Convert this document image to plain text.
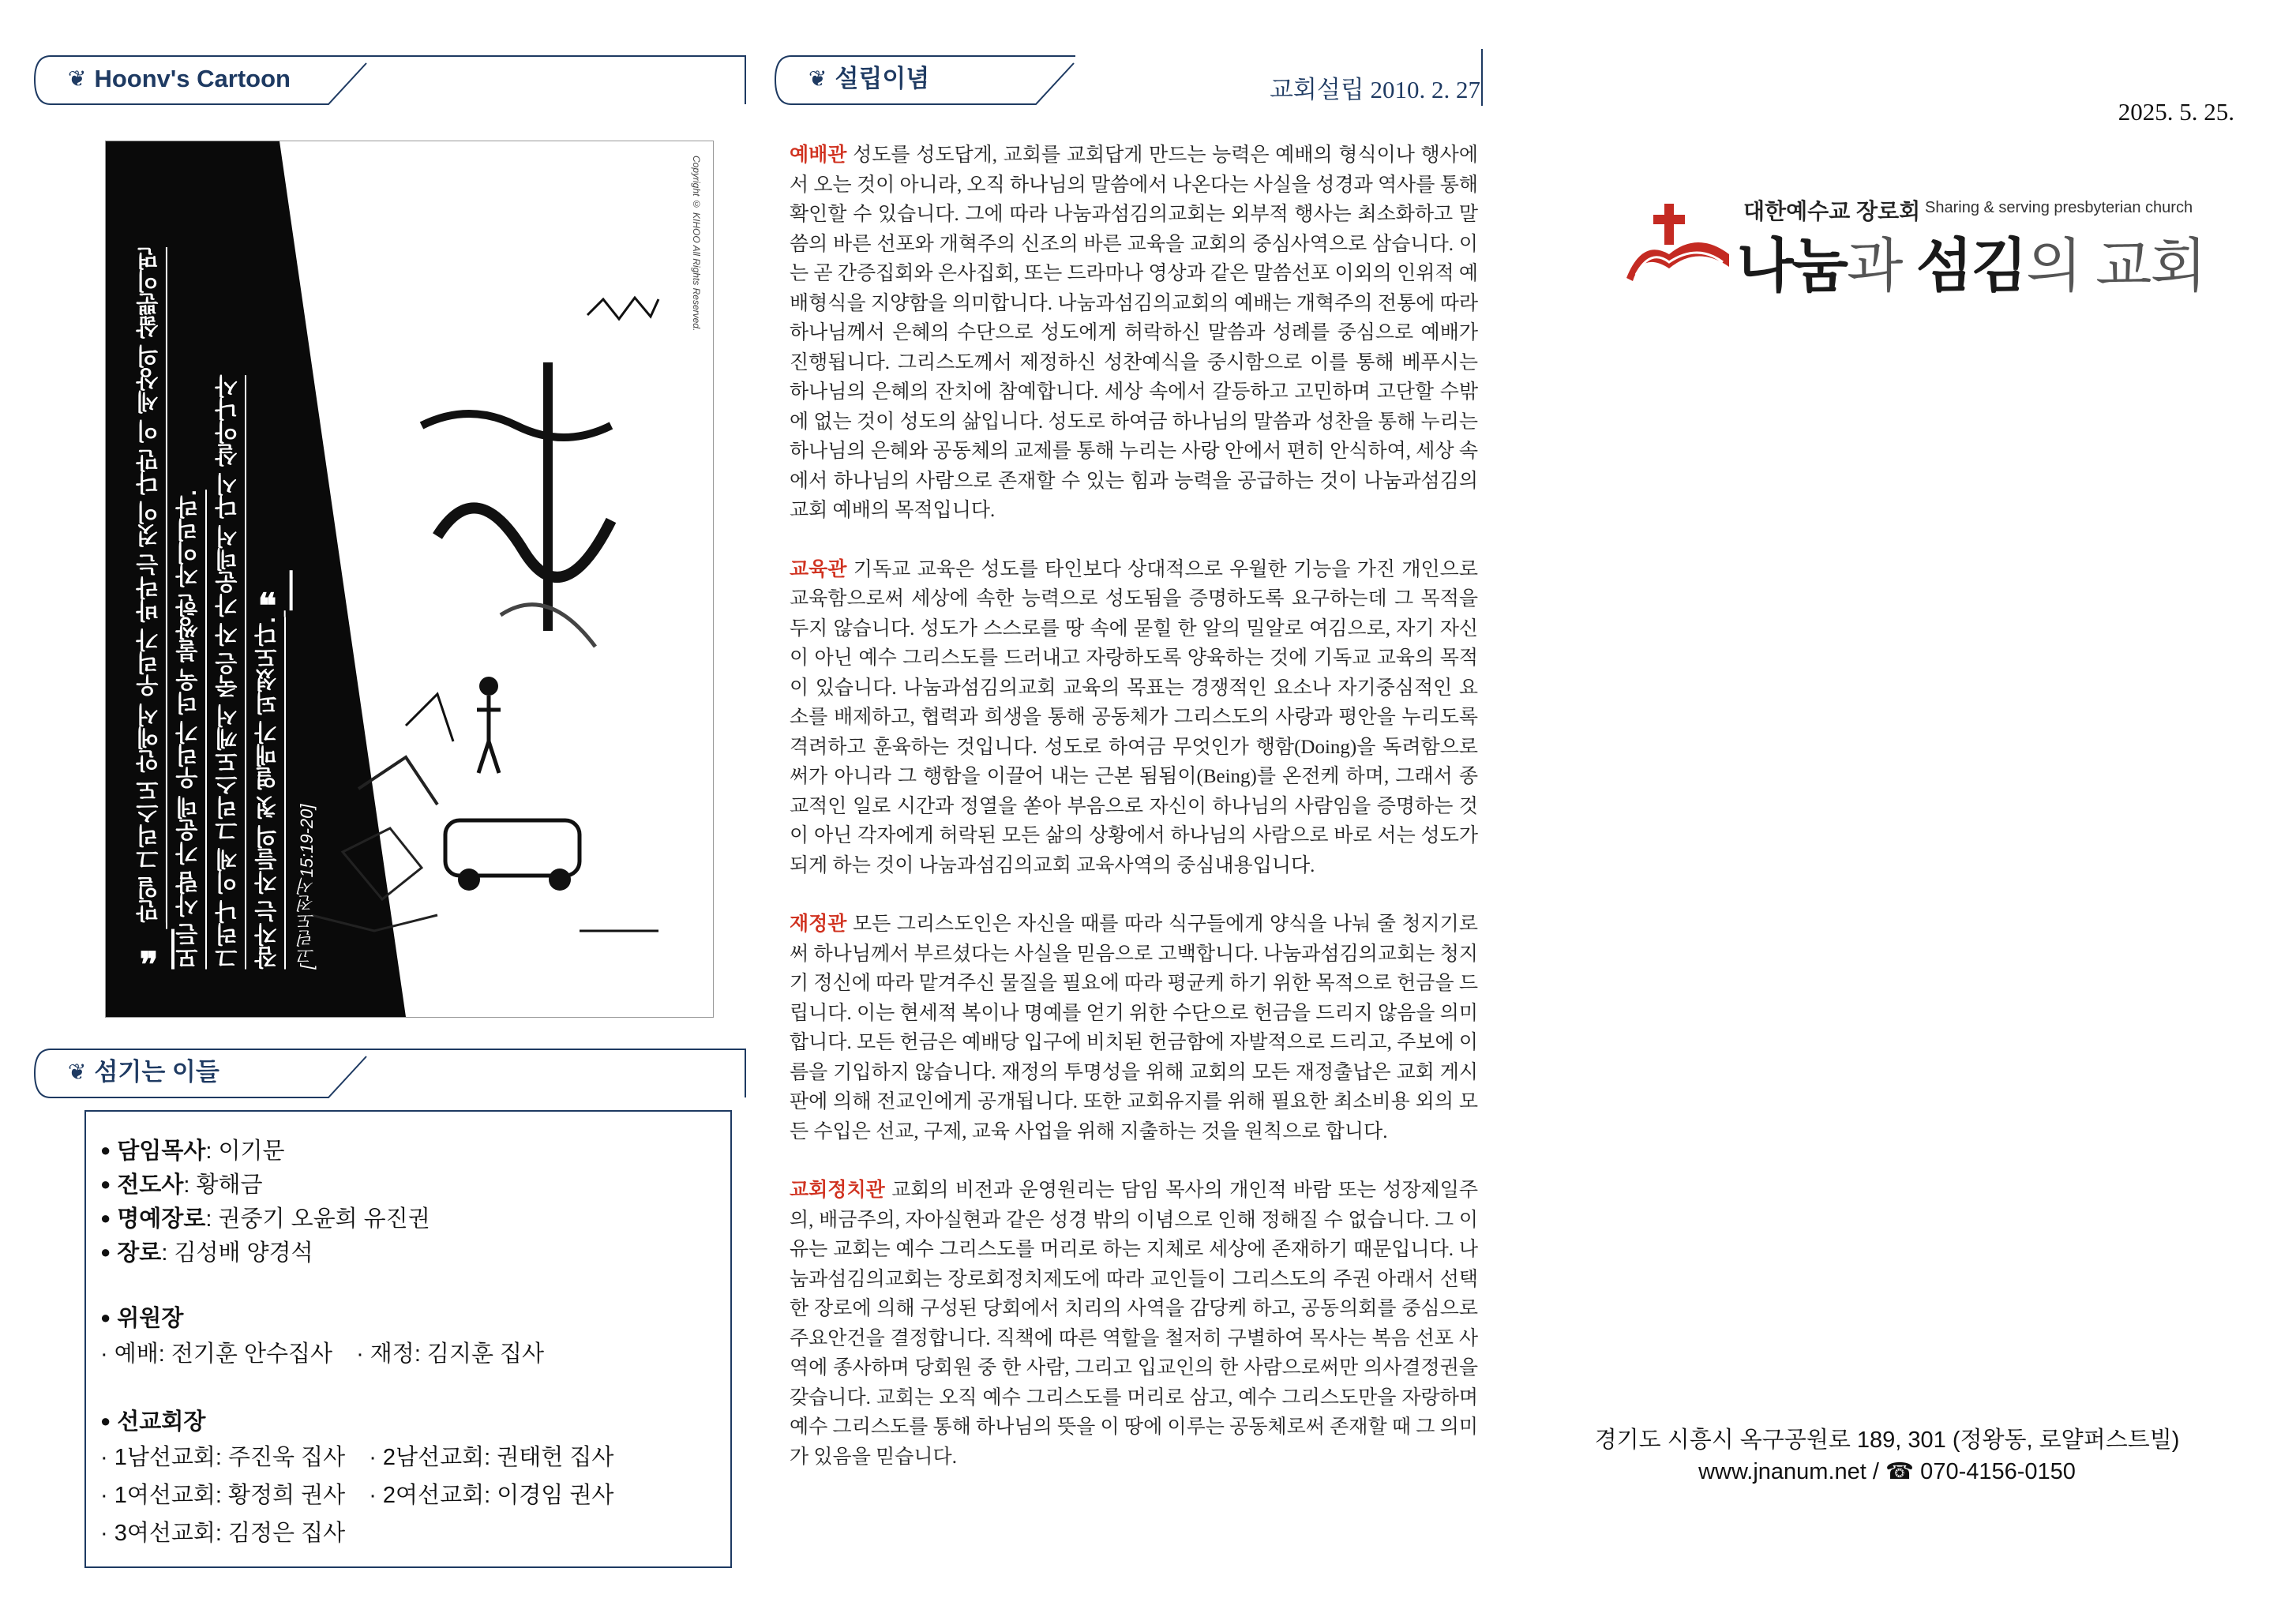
❦ Hoonv's Cartoon
❝ 만일 그리스도 안에서 우리가 바라는 것이 다만 이 세상의 삶뿐이면 모든 사람 가운데 우리가 더욱 불쌍한 자이리라. 그러나 이제 그리스도께서 죽은 자 가운데서 다시 살아나사 잠자는 자들의 첫 열매가 되셨도다. ❞
[고린도전서15:19-20]
Copyright © KIHOO All Rights Reserved.
❦ 섬기는 이들
● 담임목사: 이기문
● 전도사: 황해금
● 명예장로: 권중기 오윤희 유진권
● 장로: 김성배 양경석
● 위원장
· 예배: 전기훈 안수집사 · 재정: 김지훈 집사
● 선교회장
· 1남선교회: 주진욱 집사 · 2남선교회: 권태헌 집사
· 1여선교회: 황정희 권사 · 2여선교회: 이경임 권사
· 3여선교회: 김정은 집사
❦ 설립이념	교회설립 2010. 2. 27

예배관 성도를 성도답게, 교회를 교회답게 만드는 능력은 예배의 형식이나 행사에서 오는 것이 아니라, 오직 하나님의 말씀에서 나온다는 사실을 성경과 역사를 통해 확인할 수 있습니다. 그에 따라 나눔과섬김의교회는 외부적 행사는 최소화하고 말씀의 바른 선포와 개혁주의 신조의 바른 교육을 교회의 중심사역으로 삼습니다. 이는 곧 간증집회와 은사집회, 또는 드라마나 영상과 같은 말씀선포 이외의 인위적 예배형식을 지양함을 의미합니다. 나눔과섬김의교회의 예배는 개혁주의 전통에 따라 하나님께서 은혜의 수단으로 성도에게 허락하신 말씀과 성례를 중심으로 예배가 진행됩니다. 그리스도께서 제정하신 성찬예식을 중시함으로 이를 통해 베푸시는 하나님의 은혜의 잔치에 참예합니다. 세상 속에서 갈등하고 고민하며 고단할 수밖에 없는 것이 성도의 삶입니다. 성도로 하여금 하나님의 말씀과 성찬을 통해 누리는 하나님의 은혜와 공동체의 교제를 통해 누리는 사랑 안에서 편히 안식하여, 세상 속에서 하나님의 사람으로 존재할 수 있는 힘과 능력을 공급하는 것이 나눔과섬김의교회 예배의 목적입니다.

교육관 기독교 교육은 성도를 타인보다 상대적으로 우월한 기능을 가진 개인으로 교육함으로써 세상에 속한 능력으로 성도됨을 증명하도록 요구하는데 그 목적을 두지 않습니다. 성도가 스스로를 땅 속에 묻힐 한 알의 밀알로 여김으로, 자기 자신이 아닌 예수 그리스도를 드러내고 자랑하도록 양육하는 것에 기독교 교육의 목적이 있습니다. 나눔과섬김의교회 교육의 목표는 경쟁적인 요소나 자기중심적인 요소를 배제하고, 협력과 희생을 통해 공동체가 그리스도의 사랑과 평안을 누리도록 격려하고 훈육하는 것입니다. 성도로 하여금 무엇인가 행함(Doing)을 독려함으로써가 아니라 그 행함을 이끌어 내는 근본 됨됨이(Being)를 온전케 하며, 그래서 종교적인 일로 시간과 정열을 쏟아 부음으로 자신이 하나님의 사람임을 증명하는 것이 아닌 각자에게 허락된 모든 삶의 상황에서 하나님의 사람으로 바로 서는 성도가 되게 하는 것이 나눔과섬김의교회 교육사역의 중심내용입니다.

재정관 모든 그리스도인은 자신을 때를 따라 식구들에게 양식을 나눠 줄 청지기로써 하나님께서 부르셨다는 사실을 믿음으로 고백합니다. 나눔과섬김의교회는 청지기 정신에 따라 맡겨주신 물질을 필요에 따라 평균케 하기 위한 목적으로 헌금을 드립니다. 이는 현세적 복이나 명예를 얻기 위한 수단으로 헌금을 드리지 않음을 의미합니다. 모든 헌금은 예배당 입구에 비치된 헌금함에 자발적으로 드리고, 주보에 이름을 기입하지 않습니다. 재정의 투명성을 위해 교회의 모든 재정출납은 교회 게시판에 의해 전교인에게 공개됩니다. 또한 교회유지를 위해 필요한 최소비용 외의 모든 수입은 선교, 구제, 교육 사업을 위해 지출하는 것을 원칙으로 합니다.

교회정치관 교회의 비전과 운영원리는 담임 목사의 개인적 바람 또는 성장제일주의, 배금주의, 자아실현과 같은 성경 밖의 이념으로 인해 정해질 수 없습니다. 그 이유는 교회는 예수 그리스도를 머리로 하는 지체로 세상에 존재하기 때문입니다. 나눔과섬김의교회는 장로회정치제도에 따라 교인들이 그리스도의 주권 아래서 선택한 장로에 의해 구성된 당회에서 치리의 사역을 감당케 하고, 공동의회를 중심으로 주요안건을 결정합니다. 직책에 따른 역할을 철저히 구별하여 목사는 복음 선포 사역에 종사하며 당회원 중 한 사람, 그리고 입교인의 한 사람으로써만 의사결정권을 갖습니다. 교회는 오직 예수 그리스도를 머리로 삼고, 예수 그리스도만을 자랑하며 예수 그리스도를 통해 하나님의 뜻을 이 땅에 이루는 공동체로써 존재할 때 그 의미가 있음을 믿습니다.

2025. 5. 25.
대한예수교 장로회 Sharing & serving presbyterian church
나눔과 섬김의 교회
경기도 시흥시 옥구공원로 189, 301 (정왕동, 로얄퍼스트빌)
www.jnanum.net / ☎ 070-4156-0150
